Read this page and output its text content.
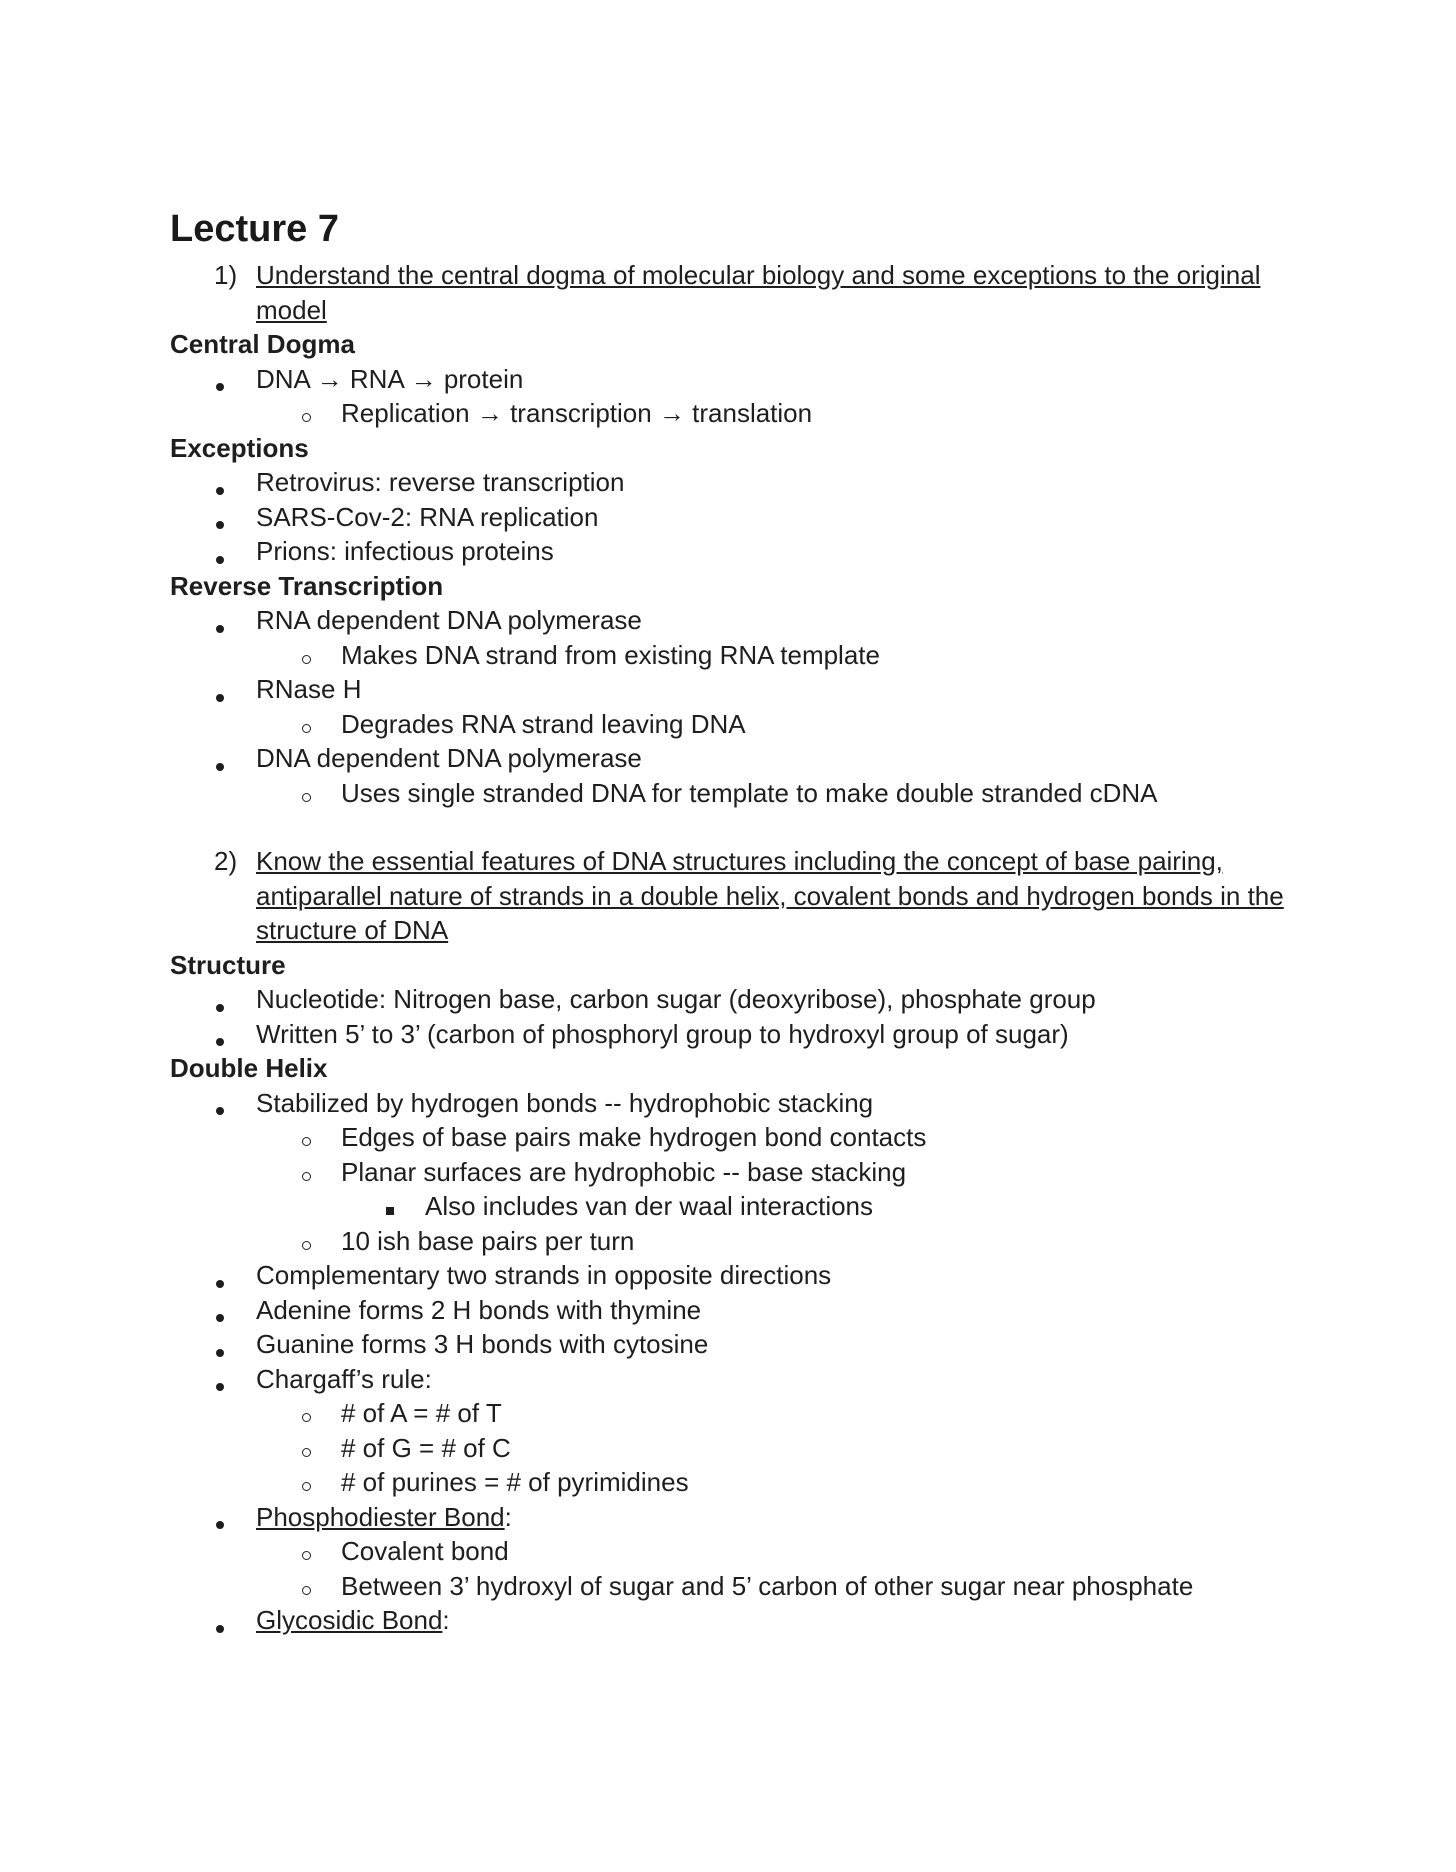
Lecture 7
1) Understand the central dogma of molecular biology and some exceptions to the original model
Central Dogma
DNA → RNA → protein
Replication → transcription → translation
Exceptions
Retrovirus: reverse transcription
SARS-Cov-2: RNA replication
Prions: infectious proteins
Reverse Transcription
RNA dependent DNA polymerase
Makes DNA strand from existing RNA template
RNase H
Degrades RNA strand leaving DNA
DNA dependent DNA polymerase
Uses single stranded DNA for template to make double stranded cDNA
2) Know the essential features of DNA structures including the concept of base pairing, antiparallel nature of strands in a double helix, covalent bonds and hydrogen bonds in the structure of DNA
Structure
Nucleotide: Nitrogen base, carbon sugar (deoxyribose), phosphate group
Written 5’ to 3’ (carbon of phosphoryl group to hydroxyl group of sugar)
Double Helix
Stabilized by hydrogen bonds -- hydrophobic stacking
Edges of base pairs make hydrogen bond contacts
Planar surfaces are hydrophobic -- base stacking
Also includes van der waal interactions
10 ish base pairs per turn
Complementary two strands in opposite directions
Adenine forms 2 H bonds with thymine
Guanine forms 3 H bonds with cytosine
Chargaff’s rule:
# of A = # of T
# of G = # of C
# of purines = # of pyrimidines
Phosphodiester Bond:
Covalent bond
Between 3’ hydroxyl of sugar and 5’ carbon of other sugar near phosphate
Glycosidic Bond:
